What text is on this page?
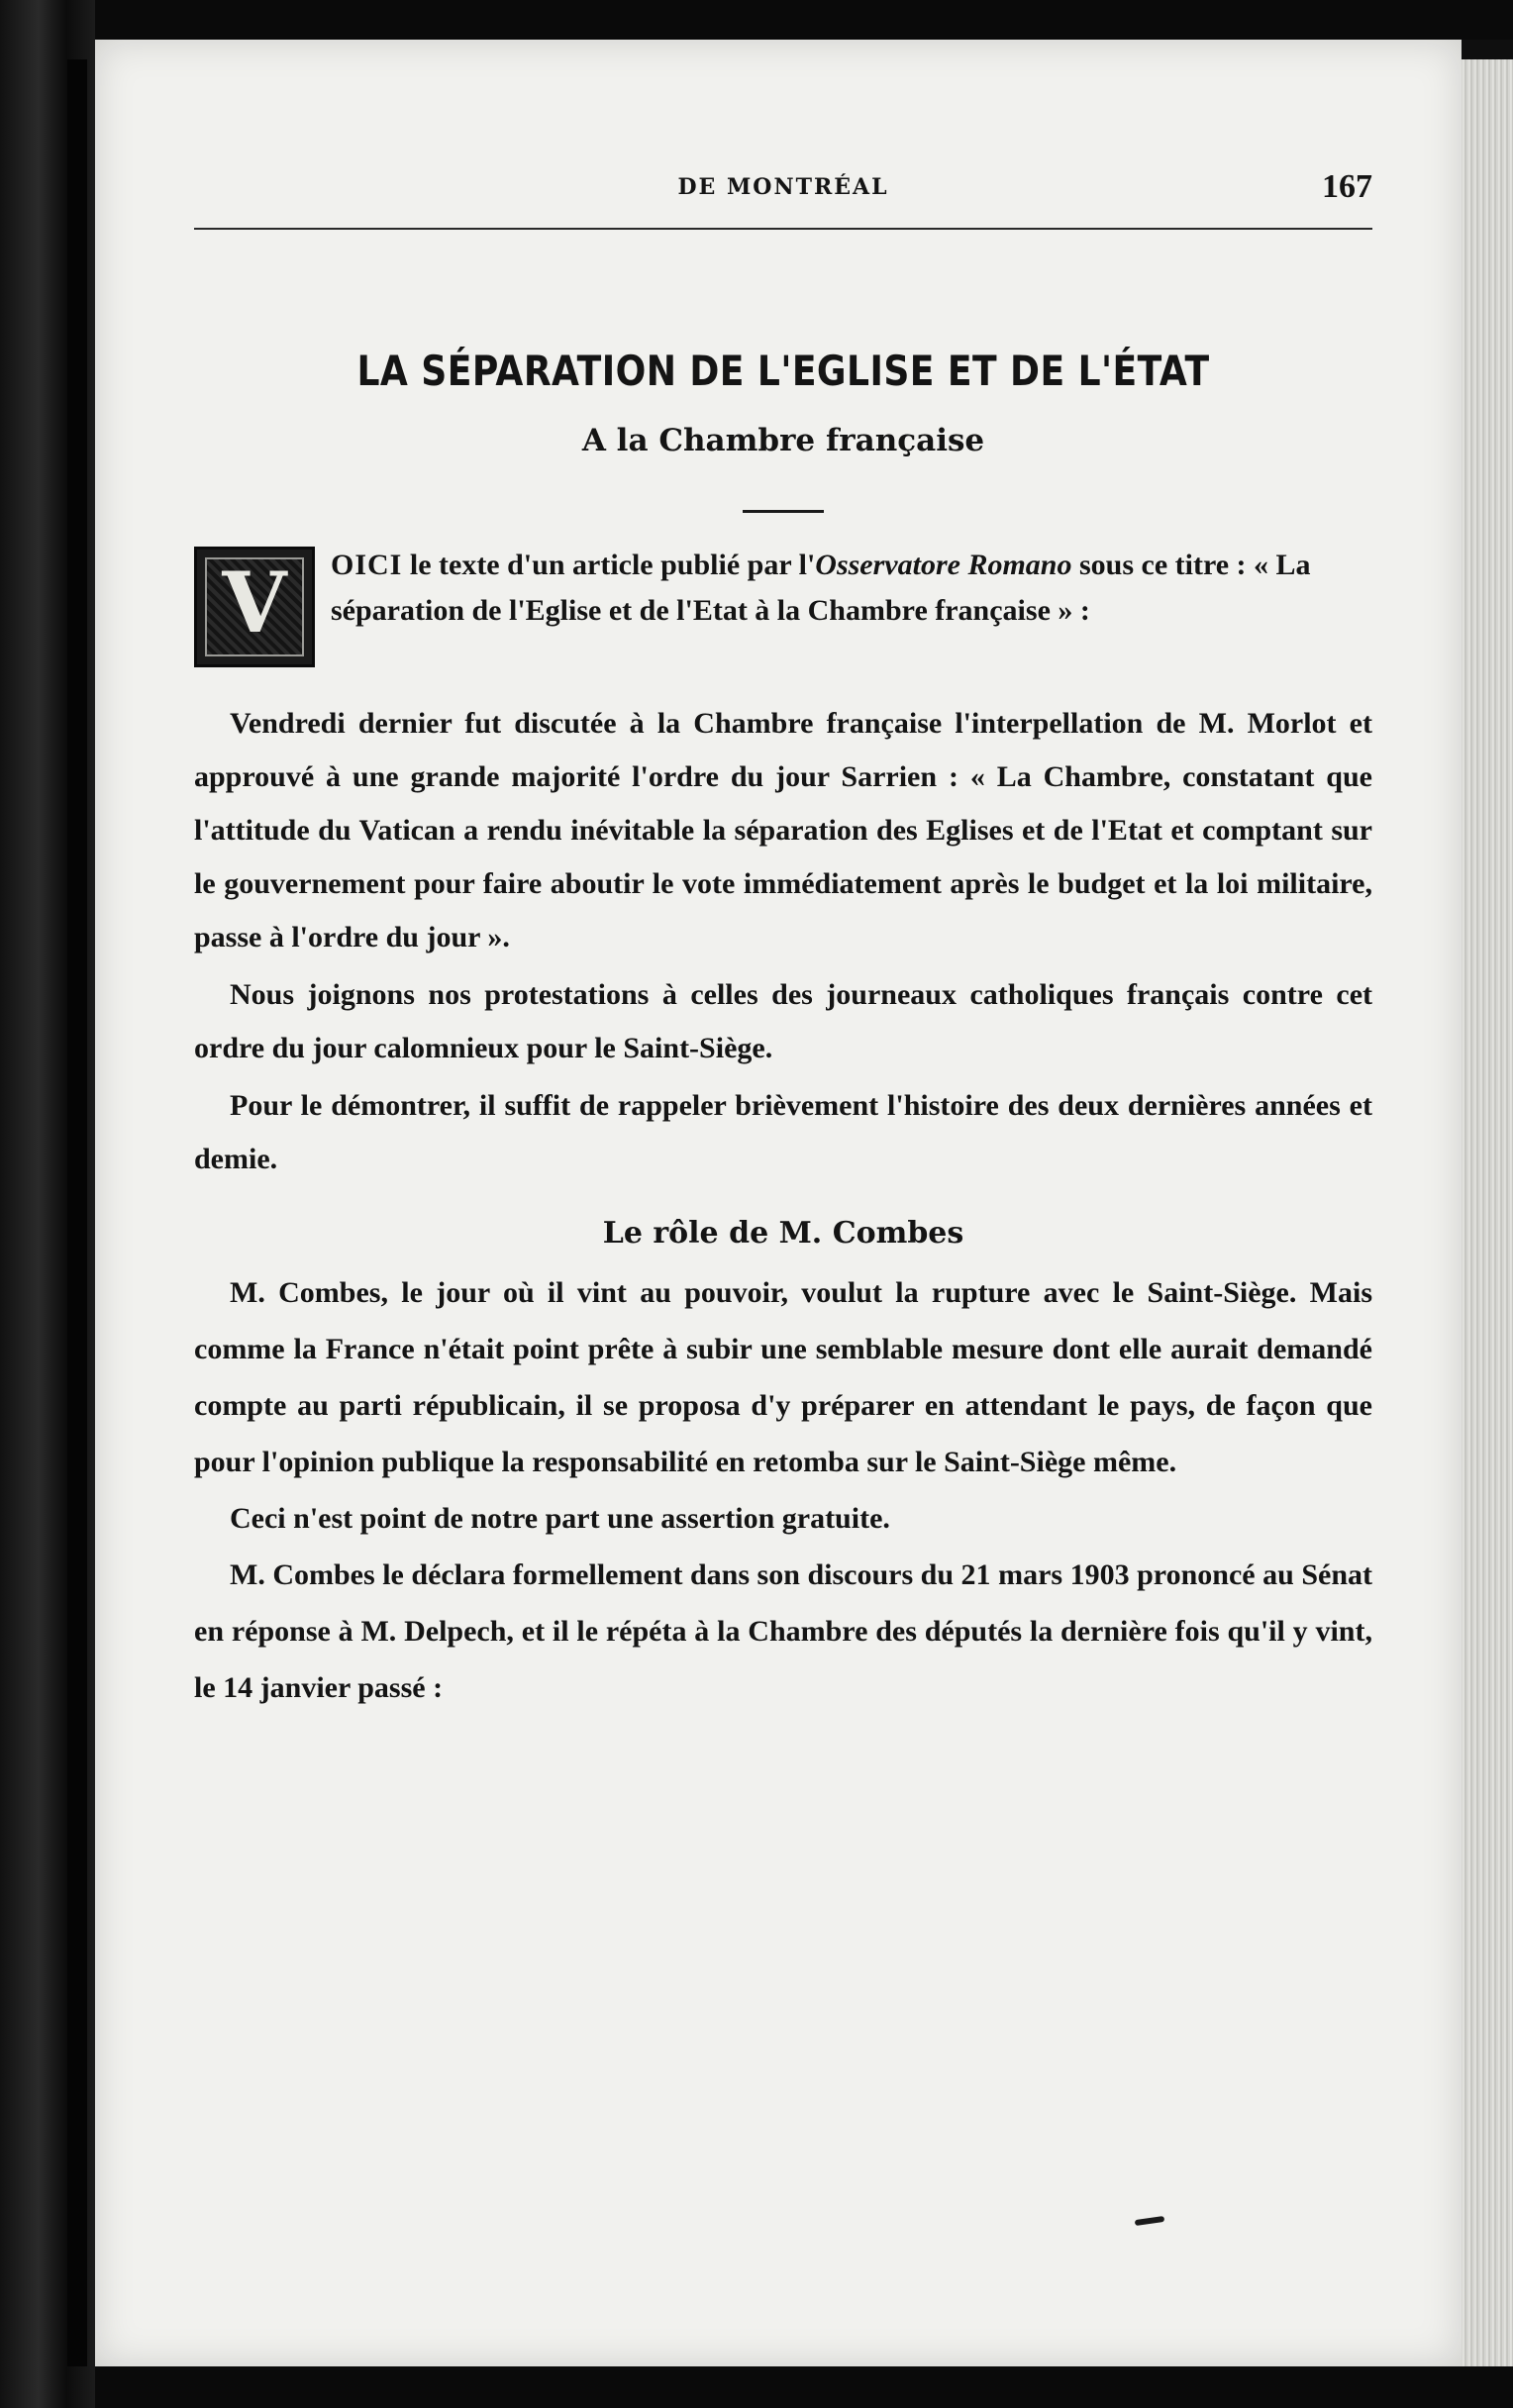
DE MONTRÉAL	167
LA SÉPARATION DE L'EGLISE ET DE L'ÉTAT
A la Chambre française
V	OICI le texte d'un article publié par l'Osservatore Romano sous ce titre : « La séparation de l'Eglise et de l'Etat à la Chambre française » :

Vendredi dernier fut discutée à la Chambre française l'interpellation de M. Morlot et approuvé à une grande majorité l'ordre du jour Sarrien : « La Chambre, constatant que l'attitude du Vatican a rendu inévitable la séparation des Eglises et de l'Etat et comptant sur le gouvernement pour faire aboutir le vote immédiatement après le budget et la loi militaire, passe à l'ordre du jour ».

Nous joignons nos protestations à celles des journeaux catholiques français contre cet ordre du jour calomnieux pour le Saint-Siège.

Pour le démontrer, il suffit de rappeler brièvement l'histoire des deux dernières années et demie.

Le rôle de M. Combes

M. Combes, le jour où il vint au pouvoir, voulut la rupture avec le Saint-Siège. Mais comme la France n'était point prête à subir une semblable mesure dont elle aurait demandé compte au parti républicain, il se proposa d'y préparer en attendant le pays, de façon que pour l'opinion publique la responsabilité en retomba sur le Saint-Siège même.

Ceci n'est point de notre part une assertion gratuite.

M. Combes le déclara formellement dans son discours du 21 mars 1903 prononcé au Sénat en réponse à M. Delpech, et il le répéta à la Chambre des députés la dernière fois qu'il y vint, le 14 janvier passé :
